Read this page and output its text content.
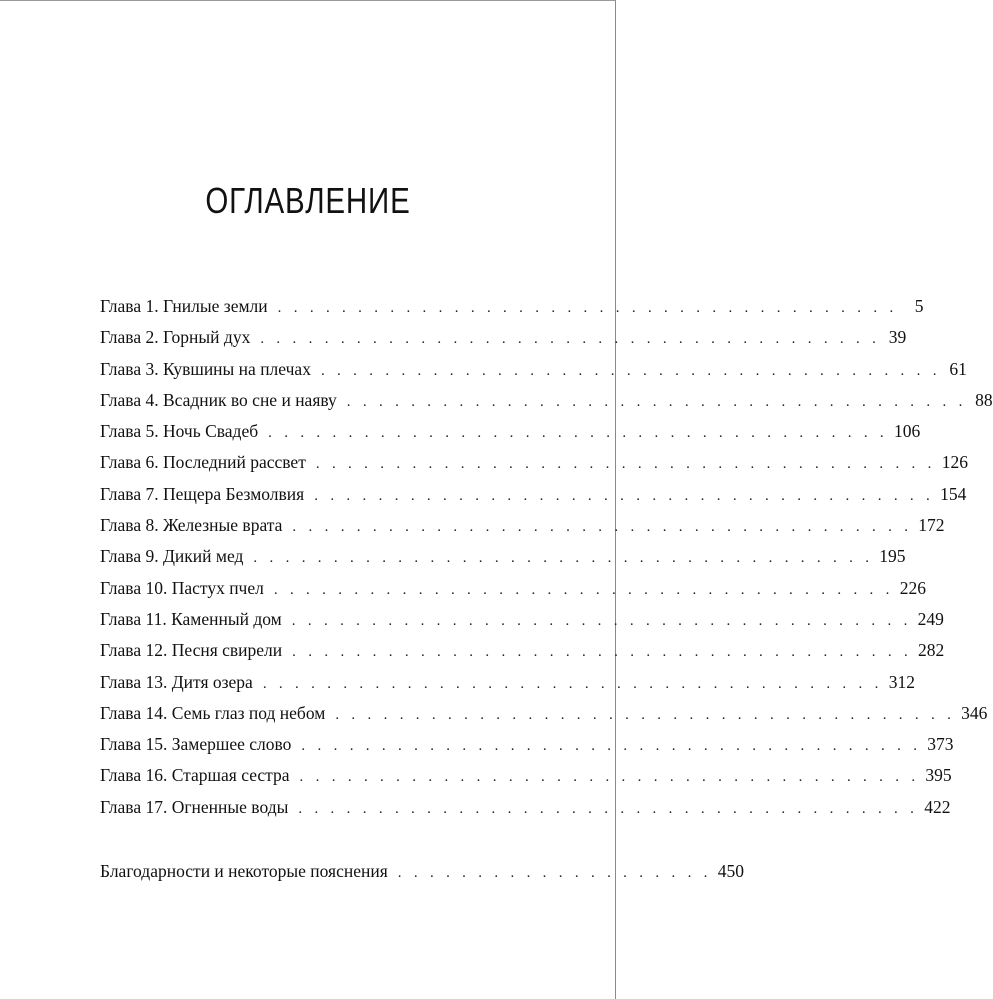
ОГЛАВЛЕНИЕ
Глава 1. Гнилые земли . . . . . . . . . . . . . . . . . . . . . . . . . . . . . . . . . . . . . . . 5
Глава 2. Горный дух . . . . . . . . . . . . . . . . . . . . . . . . . . . . . . . . . . . . . . . 39
Глава 3. Кувшины на плечах . . . . . . . . . . . . . . . . . . . . . . . . . . . . . . . . . . . . . . . 61
Глава 4. Всадник во сне и наяву . . . . . . . . . . . . . . . . . . . . . . . . . . . . . . . . . . . . . . . 88
Глава 5. Ночь Свадеб . . . . . . . . . . . . . . . . . . . . . . . . . . . . . . . . . . . . . . . 106
Глава 6. Последний рассвет . . . . . . . . . . . . . . . . . . . . . . . . . . . . . . . . . . . . . . . 126
Глава 7. Пещера Безмолвия . . . . . . . . . . . . . . . . . . . . . . . . . . . . . . . . . . . . . . . 154
Глава 8. Железные врата . . . . . . . . . . . . . . . . . . . . . . . . . . . . . . . . . . . . . . . 172
Глава 9. Дикий мед . . . . . . . . . . . . . . . . . . . . . . . . . . . . . . . . . . . . . . . 195
Глава 10. Пастух пчел . . . . . . . . . . . . . . . . . . . . . . . . . . . . . . . . . . . . . . . 226
Глава 11. Каменный дом . . . . . . . . . . . . . . . . . . . . . . . . . . . . . . . . . . . . . . . 249
Глава 12. Песня свирели . . . . . . . . . . . . . . . . . . . . . . . . . . . . . . . . . . . . . . . 282
Глава 13. Дитя озера . . . . . . . . . . . . . . . . . . . . . . . . . . . . . . . . . . . . . . . 312
Глава 14. Семь глаз под небом . . . . . . . . . . . . . . . . . . . . . . . . . . . . . . . . . . . . . . . 346
Глава 15. Замершее слово . . . . . . . . . . . . . . . . . . . . . . . . . . . . . . . . . . . . . . . 373
Глава 16. Старшая сестра . . . . . . . . . . . . . . . . . . . . . . . . . . . . . . . . . . . . . . . 395
Глава 17. Огненные воды . . . . . . . . . . . . . . . . . . . . . . . . . . . . . . . . . . . . . . . 422
Благодарности и некоторые пояснения . . . . . . . . . . . . . . . . . . . . 450
